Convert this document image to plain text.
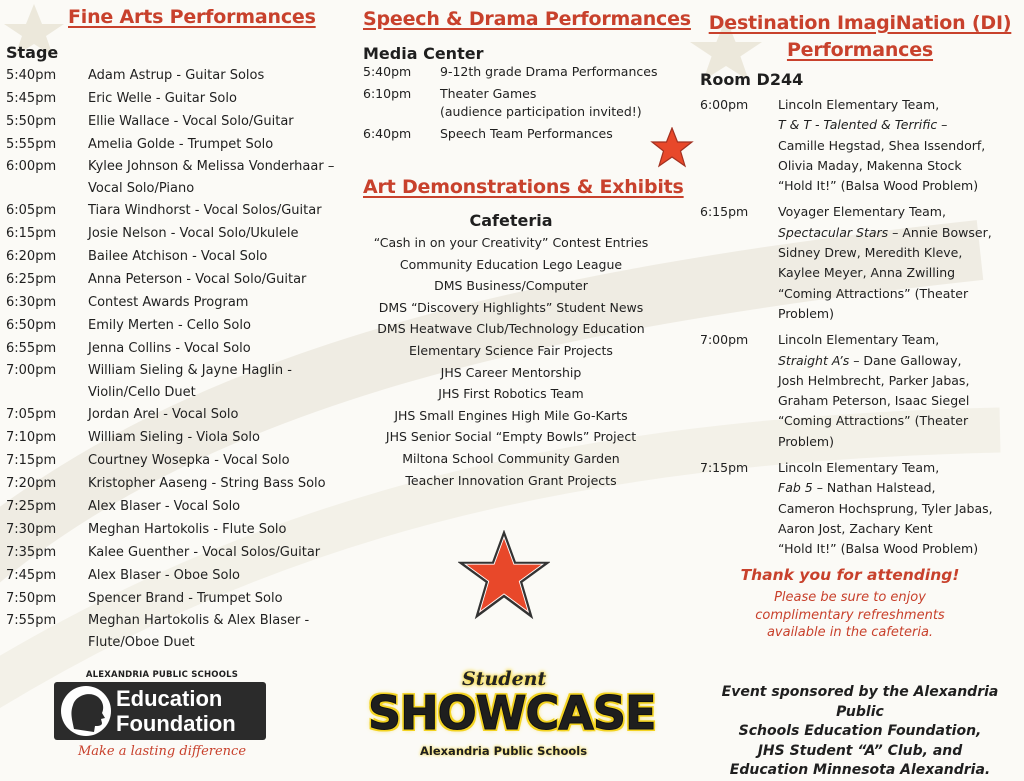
Fine Arts Performances
Stage
5:40pm	Adam Astrup - Guitar Solos
5:45pm	Eric Welle - Guitar Solo
5:50pm	Ellie Wallace - Vocal Solo/Guitar
5:55pm	Amelia Golde - Trumpet Solo
6:00pm	Kylee Johnson & Melissa Vonderhaar –
Vocal Solo/Piano
6:05pm	Tiara Windhorst - Vocal Solos/Guitar
6:15pm	Josie Nelson - Vocal Solo/Ukulele
6:20pm	Bailee Atchison - Vocal Solo
6:25pm	Anna Peterson - Vocal Solo/Guitar
6:30pm	Contest Awards Program
6:50pm	Emily Merten - Cello Solo
6:55pm	Jenna Collins - Vocal Solo
7:00pm	William Sieling & Jayne Haglin -
Violin/Cello Duet
7:05pm	Jordan Arel - Vocal Solo
7:10pm	William Sieling - Viola Solo
7:15pm	Courtney Wosepka - Vocal Solo
7:20pm	Kristopher Aaseng - String Bass Solo
7:25pm	Alex Blaser - Vocal Solo
7:30pm	Meghan Hartokolis - Flute Solo
7:35pm	Kalee Guenther - Vocal Solos/Guitar
7:45pm	Alex Blaser - Oboe Solo
7:50pm	Spencer Brand - Trumpet Solo
7:55pm	Meghan Hartokolis & Alex Blaser -
Flute/Oboe Duet
Speech & Drama Performances
Media Center
5:40pm	9-12th grade Drama Performances
6:10pm	Theater Games
(audience participation invited!)
6:40pm	Speech Team Performances
Art Demonstrations & Exhibits
Cafeteria
“Cash in on your Creativity” Contest Entries
Community Education Lego League
DMS Business/Computer
DMS “Discovery Highlights” Student News
DMS Heatwave Club/Technology Education
Elementary Science Fair Projects
JHS Career Mentorship
JHS First Robotics Team
JHS Small Engines High Mile Go-Karts
JHS Senior Social “Empty Bowls” Project
Miltona School Community Garden
Teacher Innovation Grant Projects
Destination ImagiNation (DI)
Performances
Room D244
6:00pm	Lincoln Elementary Team,
T & T - Talented & Terrific –
Camille Hegstad, Shea Issendorf,
Olivia Maday, Makenna Stock
“Hold It!” (Balsa Wood Problem)
6:15pm	Voyager Elementary Team,
Spectacular Stars – Annie Bowser,
Sidney Drew, Meredith Kleve,
Kaylee Meyer, Anna Zwilling
“Coming Attractions” (Theater Problem)
7:00pm	Lincoln Elementary Team,
Straight A’s – Dane Galloway,
Josh Helmbrecht, Parker Jabas,
Graham Peterson, Isaac Siegel
“Coming Attractions” (Theater Problem)
7:15pm	Lincoln Elementary Team,
Fab 5 – Nathan Halstead,
Cameron Hochsprung, Tyler Jabas,
Aaron Jost, Zachary Kent
“Hold It!” (Balsa Wood Problem)
Thank you for attending!
Please be sure to enjoy
complimentary refreshments
available in the cafeteria.
Event sponsored by the Alexandria Public
Schools Education Foundation,
JHS Student “A” Club, and
Education Minnesota Alexandria.
ALEXANDRIA PUBLIC SCHOOLS
Education
Foundation
Make a lasting difference
Student
SHOWCASE
Alexandria Public Schools
